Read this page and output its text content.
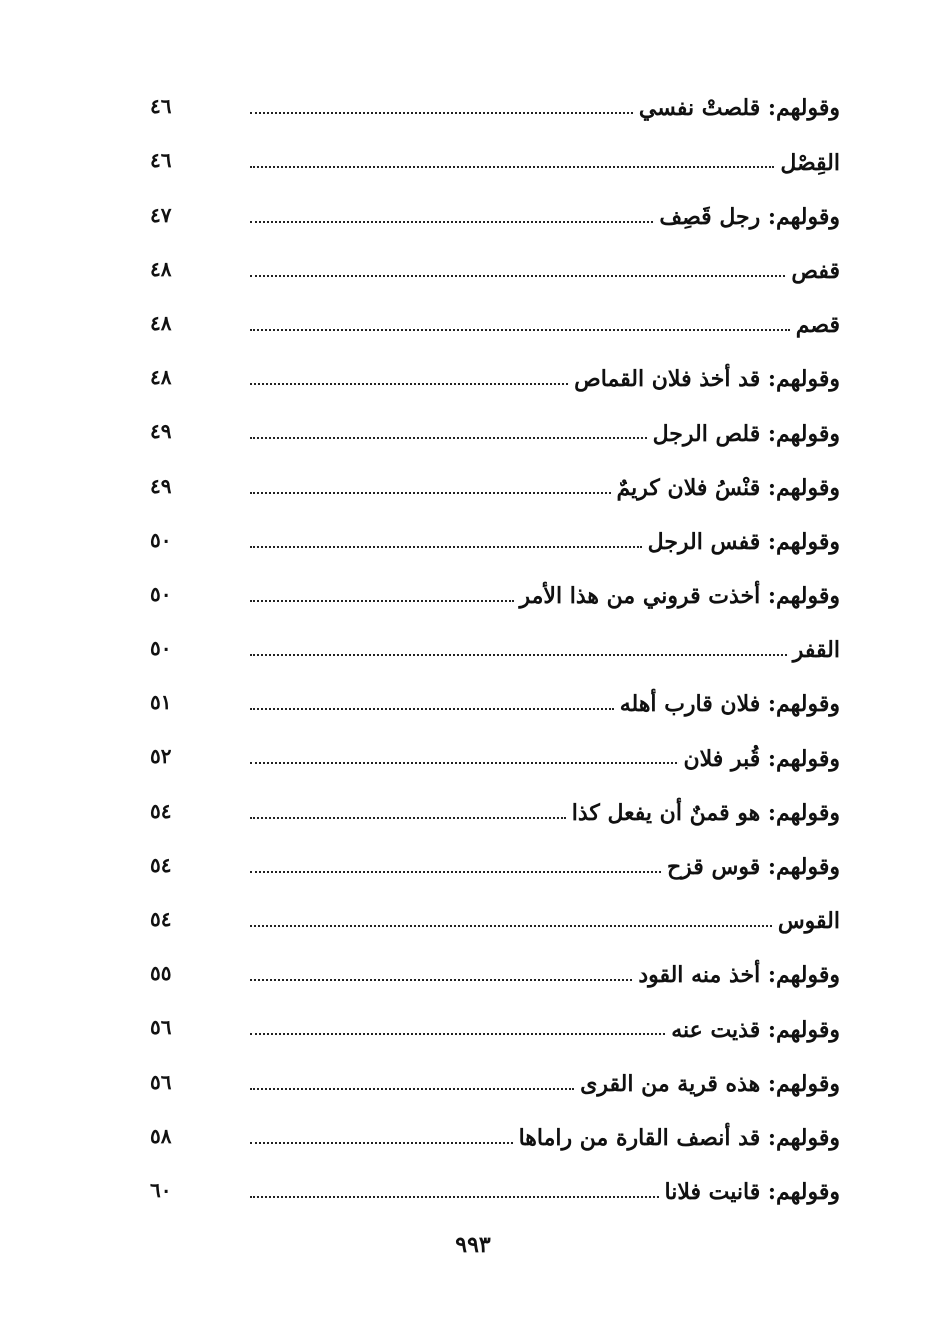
وقولهم: قلصتْ نفسي
٤٦
القِصْل
٤٦
وقولهم: رجل قَصِف
٤٧
قفص
٤٨
قصم
٤٨
وقولهم: قد أخذ فلان القماص
٤٨
وقولهم: قلص الرجل
٤٩
وقولهم: قنْسُ فلان كريمٌ
٤٩
وقولهم: قفس الرجل
٥٠
وقولهم: أخذت قروني من هذا الأمر
٥٠
القفر
٥٠
وقولهم: فلان قارب أهله
٥١
وقولهم: قُبر فلان
٥٢
وقولهم: هو قمنٌ أن يفعل كذا
٥٤
وقولهم: قوس قزح
٥٤
القوس
٥٤
وقولهم: أخذ منه القود
٥٥
وقولهم: قذيت عنه
٥٦
وقولهم: هذه قرية من القرى
٥٦
وقولهم: قد أنصف القارة من راماها
٥٨
وقولهم: قانيت فلانا
٦٠
٩٩٣
